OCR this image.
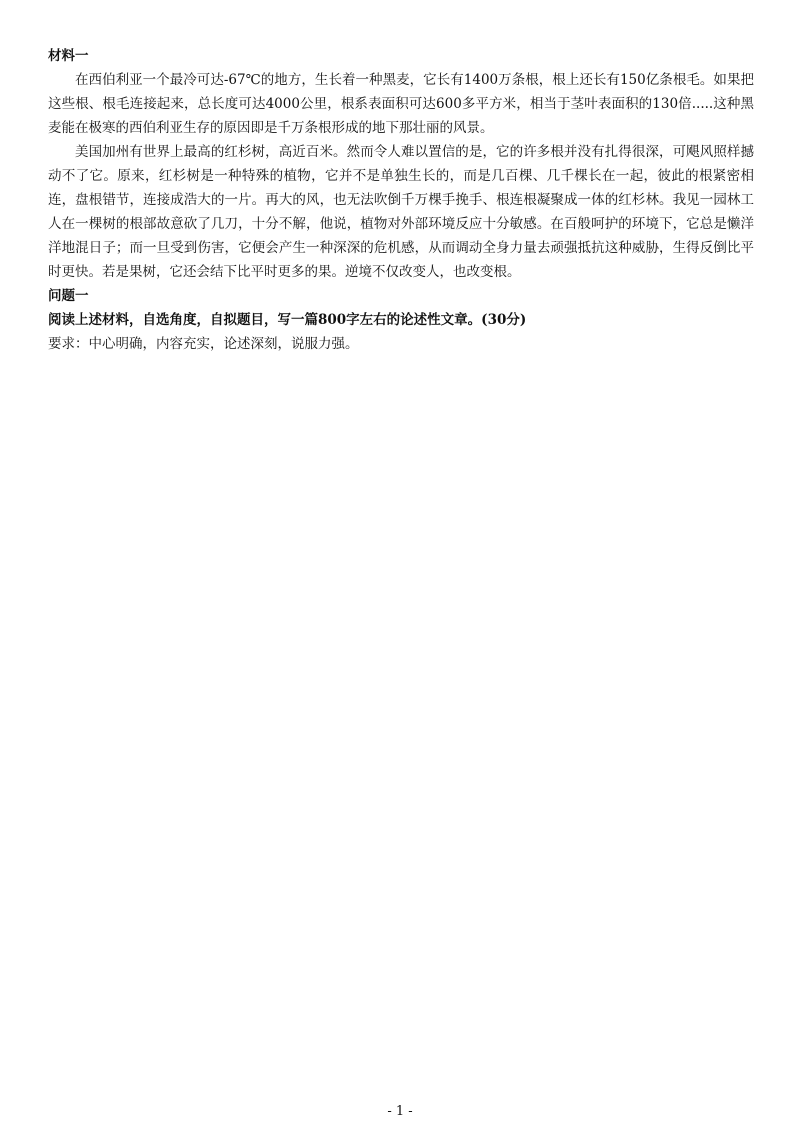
材料一

在西伯利亚一个最冷可达-67℃的地方，生长着一种黑麦，它长有1400万条根，根上还长有150亿条根毛。如果把这些根、根毛连接起来，总长度可达4000公里，根系表面积可达600多平方米，相当于茎叶表面积的130倍.....这种黑麦能在极寒的西伯利亚生存的原因即是千万条根形成的地下那壮丽的风景。

美国加州有世界上最高的红杉树，高近百米。然而令人难以置信的是，它的许多根并没有扎得很深，可飓风照样撼动不了它。原来，红杉树是一种特殊的植物，它并不是单独生长的，而是几百棵、几千棵长在一起，彼此的根紧密相连，盘根错节，连接成浩大的一片。再大的风，也无法吹倒千万棵手挽手、根连根凝聚成一体的红杉林。我见一园林工人在一棵树的根部故意砍了几刀，十分不解，他说，植物对外部环境反应十分敏感。在百般呵护的环境下，它总是懒洋洋地混日子；而一旦受到伤害，它便会产生一种深深的危机感，从而调动全身力量去顽强抵抗这种威胁，生得反倒比平时更快。若是果树，它还会结下比平时更多的果。逆境不仅改变人，也改变根。

问题一

阅读上述材料，自选角度，自拟题目，写一篇800字左右的论述性文章。(30分)

要求：中心明确，内容充实，论述深刻，说服力强。

- 1 -
